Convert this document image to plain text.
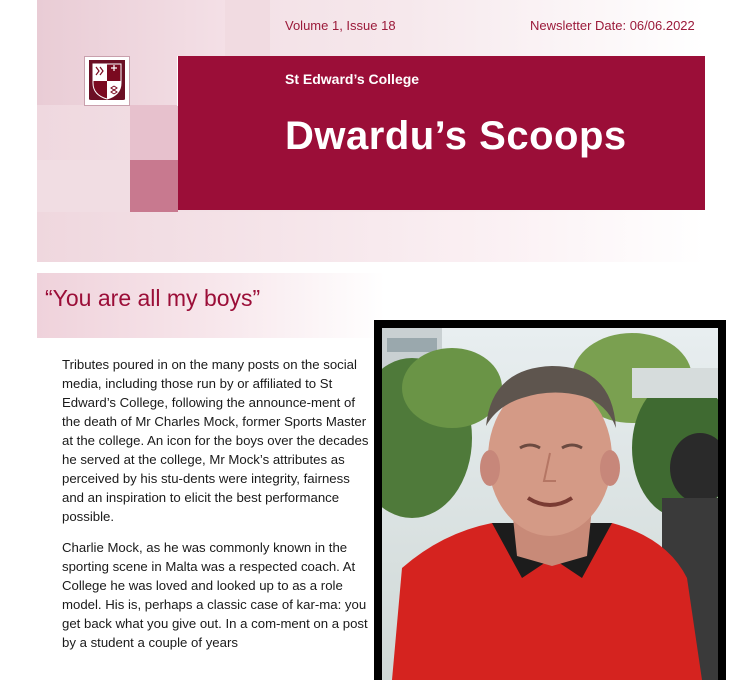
Volume 1, Issue 18	Newsletter Date: 06/06.2022
St Edward’s College
Dwardu’s Scoops
“You are all my boys”

Tributes poured in on the many posts on the social media, including those run by or affiliated to St Edward’s College, following the announce-ment of the death of Mr Charles Mock, former Sports Master at the college. An icon for the boys over the decades he served at the college, Mr Mock’s attributes as perceived by his stu-dents were integrity, fairness and an inspiration to elicit the best performance possible.

Charlie Mock, as he was commonly known in the sporting scene in Malta was a respected coach. At College he was loved and looked up to as a role model. His is, perhaps a classic case of kar-ma: you get back what you give out. In a com-ment on a post by a student a couple of years
